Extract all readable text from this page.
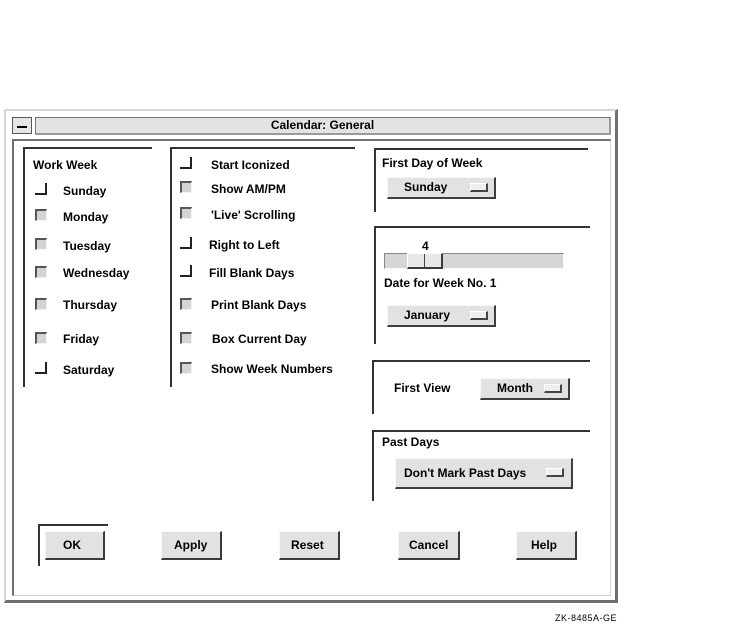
Calendar: General
Work Week
Sunday
Monday
Tuesday
Wednesday
Thursday
Friday
Saturday
Start Iconized
Show AM/PM
'Live' Scrolling
Right to Left
Fill Blank Days
Print Blank Days
Box Current Day
Show Week Numbers
First Day of Week
Sunday
4
Date for Week No. 1
January
First View	Month
Past Days
Don't Mark Past Days
OK	Apply	Reset	Cancel	Help
ZK-8485A-GE
